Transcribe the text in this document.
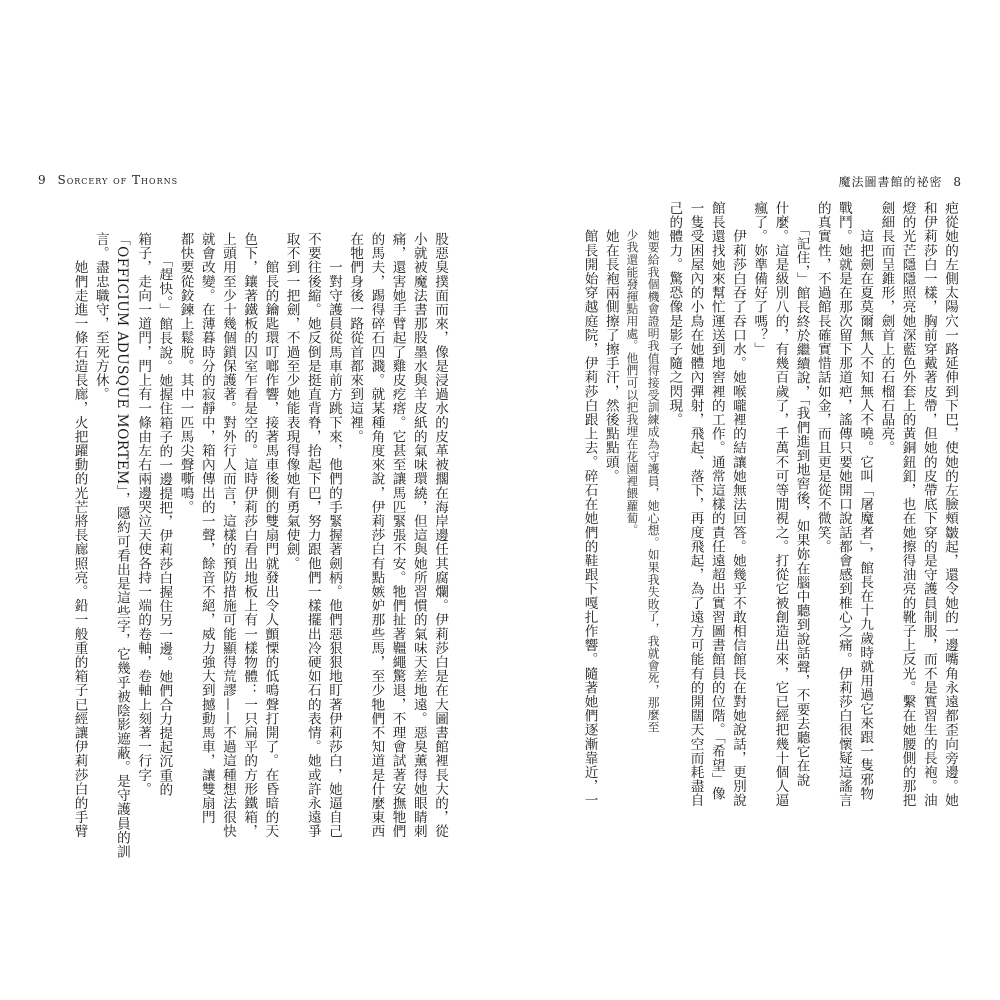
9 Sorcery of Thorns	魔法圖書館的祕密 8
疤從她的左側太陽穴一路延伸到下巴，使她的左臉頰皺起，還令她的一邊嘴角永遠都歪向旁邊。她
和伊莉莎白一樣，胸前穿戴著皮帶，但她的皮帶底下穿的是守護員制服，而不是實習生的長袍。油
燈的光芒隱隱照亮她深藍色外套上的黃銅鈕釦，也在她擦得油亮的靴子上反光。繫在她腰側的那把
劍細長而呈錐形，劍首上的石榴石晶亮。
　　這把劍在夏莫爾無人不知無人不曉。它叫「屠魔者」，館長在十九歲時就用過它來跟一隻邪物
戰鬥。她就是在那次留下那道疤，謠傳只要她開口說話都會感到椎心之痛。伊莉莎白很懷疑這謠言
的真實性，不過館長確實惜話如金，而且更是從不微笑。
　　「記住，」館長終於繼續說，「我們進到地窖後，如果妳在腦中聽到說話聲，不要去聽它在說
什麼。這是級別八的，有幾百歲了，千萬不可等閒視之。打從它被創造出來，它已經把幾十個人逼
瘋了。妳準備好了嗎？」
　　伊莉莎白吞了吞口水。她喉嚨裡的結讓她無法回答。她幾乎不敢相信館長在對她說話，更別說
館長還找她來幫忙運送到地窖裡的工作。通常這樣的責任遠超出實習圖書館員的位階。「希望」像
一隻受困屋內的小鳥在她體內彈射，飛起、落下，再度飛起，為了遠方可能有的開闊天空而耗盡自
己的體力。驚恐像是影子隨之閃現。
她要給我個機會證明我值得接受訓練成為守護員，她心想。如果我失敗了，我就會死，那麼至
少我還能發揮點用處。他們可以把我埋在花園裡餵蘿蔔。
　　她在長袍兩側擦了擦手汗，然後點點頭。
　　館長開始穿越庭院，伊莉莎白跟上去。碎石在她們的鞋跟下嘎扎作響。隨著她們逐漸靠近，一
股惡臭撲面而來，像是浸過水的皮革被擱在海岸邊任其腐爛。伊莉莎白是在大圖書館裡長大的，從
小就被魔法書那股墨水與羊皮紙的氣味環繞，但這與她所習慣的氣味天差地遠。惡臭薰得她眼睛刺
痛，還害她手臂起了雞皮疙瘩。它甚至讓馬匹緊張不安。牠們扯著韁繩驚退，不理會試著安撫牠們
的馬夫，踢得碎石四濺。就某種角度來說，伊莉莎白有點嫉妒那些馬，至少牠們不知道是什麼東西
在牠們身後一路從首都來到這裡。
　　一對守護員從馬車前方跳下來，他們的手緊握著劍柄。他們惡狠狠地盯著伊莉莎白，她逼自己
不要往後縮。她反倒是挺直背脊，抬起下巴，努力跟他們一樣擺出冷硬如石的表情。她或許永遠爭
取不到一把劍，不過至少她能表現得像她有勇氣使劍。
　　館長的鑰匙環叮啷作響，接著馬車後側的雙扇門就發出令人顫慄的低鳴聲打開了。在昏暗的天
色下，鑲著鐵板的囚室乍看是空的。這時伊莉莎白看出地板上有一樣物體：一只扁平的方形鐵箱，
上頭用至少十幾個鎖保護著。對外行人而言，這樣的預防措施可能顯得荒謬——不過這種想法很快
就會改變。在薄暮時分的寂靜中，箱內傳出的一聲，餘音不絕，威力強大到撼動馬車，讓雙扇門
都快要從鉸鍊上鬆脫。其中一匹馬尖聲嘶鳴。
　　「趕快。」館長說。她握住箱子的一邊提把，伊莉莎白握住另一邊。她們合力提起沉重的
箱子，走向一道門，門上有一條由左右兩邊哭泣天使各持一端的卷軸，卷軸上刻著一行字。
「OFFICIUM ADUSQUE MORTEM」，隱約可看出是這些字，它幾乎被陰影遮蔽。是守護員的訓
言。盡忠職守，至死方休。
　　她們走進一條石造長廊，火把躍動的光芒將長廊照亮。鉛一般重的箱子已經讓伊莉莎白的手臂
